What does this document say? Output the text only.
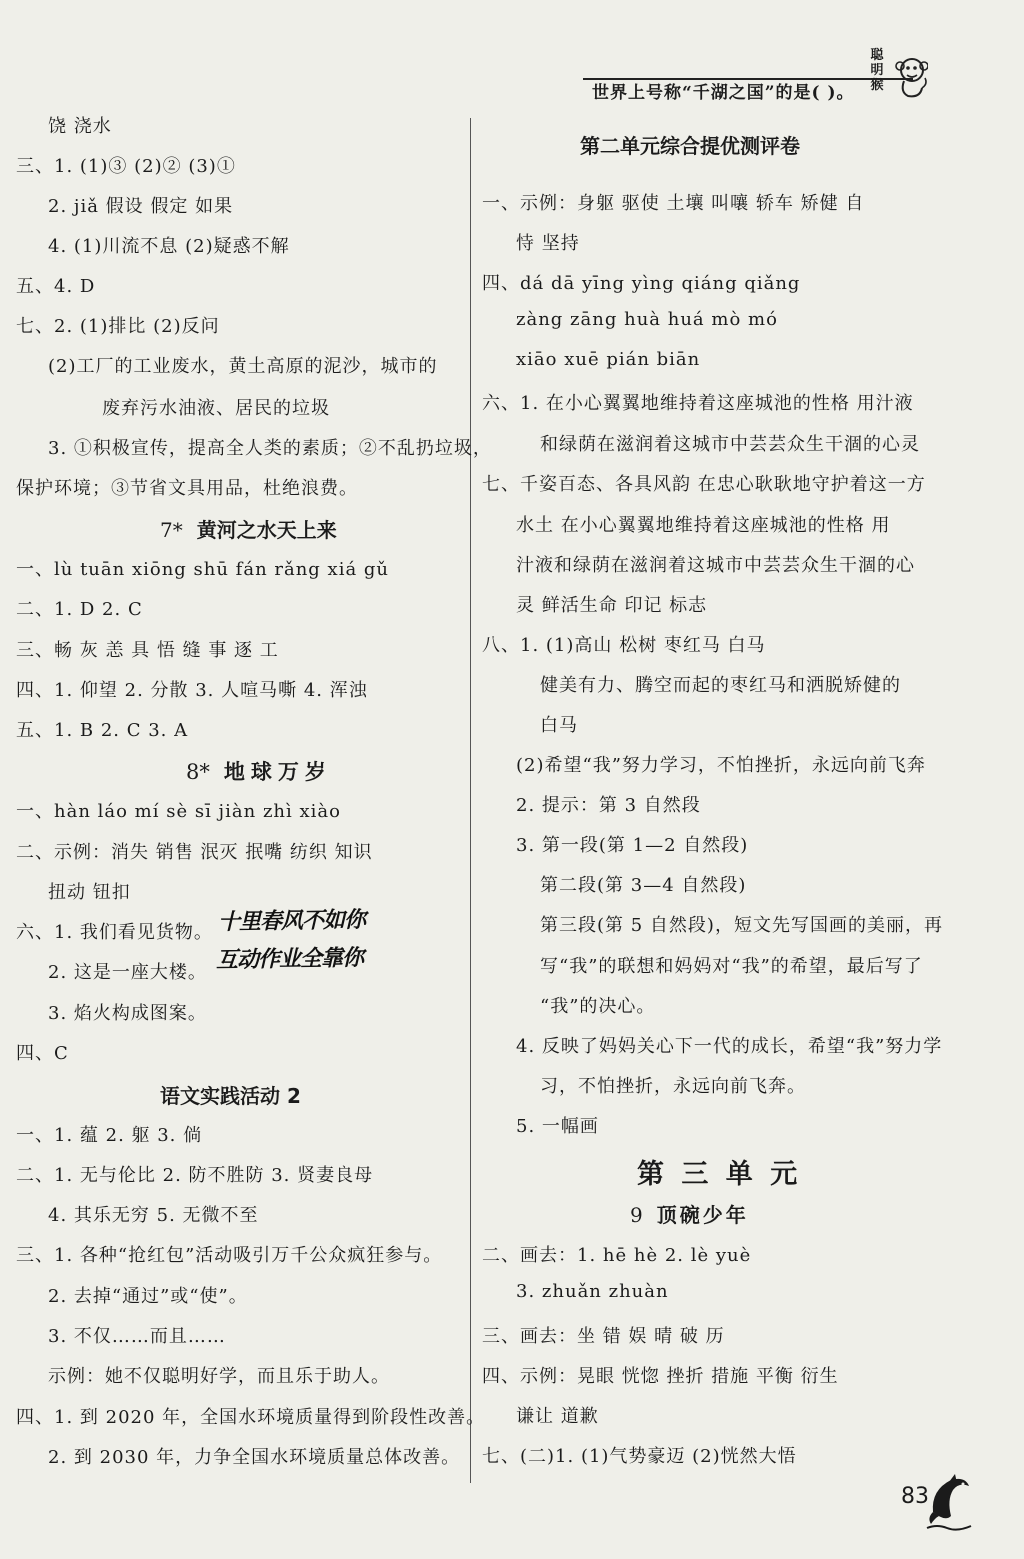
世界上号称“千湖之国”的是( )。
聪明猴
饶 浇水
三、1. (1)③ (2)② (3)①
2. jiǎ 假设 假定 如果
4. (1)川流不息 (2)疑惑不解
五、4. D
七、2. (1)排比 (2)反问
(2)工厂的工业废水，黄土高原的泥沙，城市的
废弃污水油液、居民的垃圾
3. ①积极宣传，提高全人类的素质；②不乱扔垃圾，
保护环境；③节省文具用品，杜绝浪费。
7* 黄河之水天上来
一、lù tuān xiōng shū fán rǎng xiá gǔ
二、1. D 2. C
三、畅 灰 恙 具 悟 缝 事 逐 工
四、1. 仰望 2. 分散 3. 人喧马嘶 4. 浑浊
五、1. B 2. C 3. A
8* 地球万岁
一、hàn láo mí sè sī jiàn zhì xiào
二、示例：消失 销售 泯灭 抿嘴 纺织 知识
扭动 钮扣
六、1. 我们看见货物。
2. 这是一座大楼。
3. 焰火构成图案。
四、C
十里春风不如你
互动作业全靠你
语文实践活动 2
一、1. 蕴 2. 躯 3. 倘
二、1. 无与伦比 2. 防不胜防 3. 贤妻良母
4. 其乐无穷 5. 无微不至
三、1. 各种“抢红包”活动吸引万千公众疯狂参与。
2. 去掉“通过”或“使”。
3. 不仅……而且……
示例：她不仅聪明好学，而且乐于助人。
四、1. 到 2020 年，全国水环境质量得到阶段性改善。
2. 到 2030 年，力争全国水环境质量总体改善。
第二单元综合提优测评卷
一、示例：身躯 驱使 土壤 叫嚷 轿车 矫健 自
恃 坚持
四、dá dā yīng yìng qiáng qiǎng
zàng zāng huà huá mò mó
xiāo xuē pián biān
六、1. 在小心翼翼地维持着这座城池的性格 用汁液
和绿荫在滋润着这城市中芸芸众生干涸的心灵
七、千姿百态、各具风韵 在忠心耿耿地守护着这一方
水土 在小心翼翼地维持着这座城池的性格 用
汁液和绿荫在滋润着这城市中芸芸众生干涸的心
灵 鲜活生命 印记 标志
八、1. (1)高山 松树 枣红马 白马
健美有力、腾空而起的枣红马和洒脱矫健的
白马
(2)希望“我”努力学习，不怕挫折，永远向前飞奔
2. 提示：第 3 自然段
3. 第一段(第 1—2 自然段)
第二段(第 3—4 自然段)
第三段(第 5 自然段)，短文先写国画的美丽，再
写“我”的联想和妈妈对“我”的希望，最后写了
“我”的决心。
4. 反映了妈妈关心下一代的成长，希望“我”努力学
习，不怕挫折，永远向前飞奔。
5. 一幅画
第 三 单 元
9 顶碗少年
二、画去：1. hē hè 2. lè yuè
3. zhuǎn zhuàn
三、画去：坐 错 娱 晴 破 历
四、示例：晃眼 恍惚 挫折 措施 平衡 衍生
谦让 道歉
七、(二)1. (1)气势豪迈 (2)恍然大悟
83
